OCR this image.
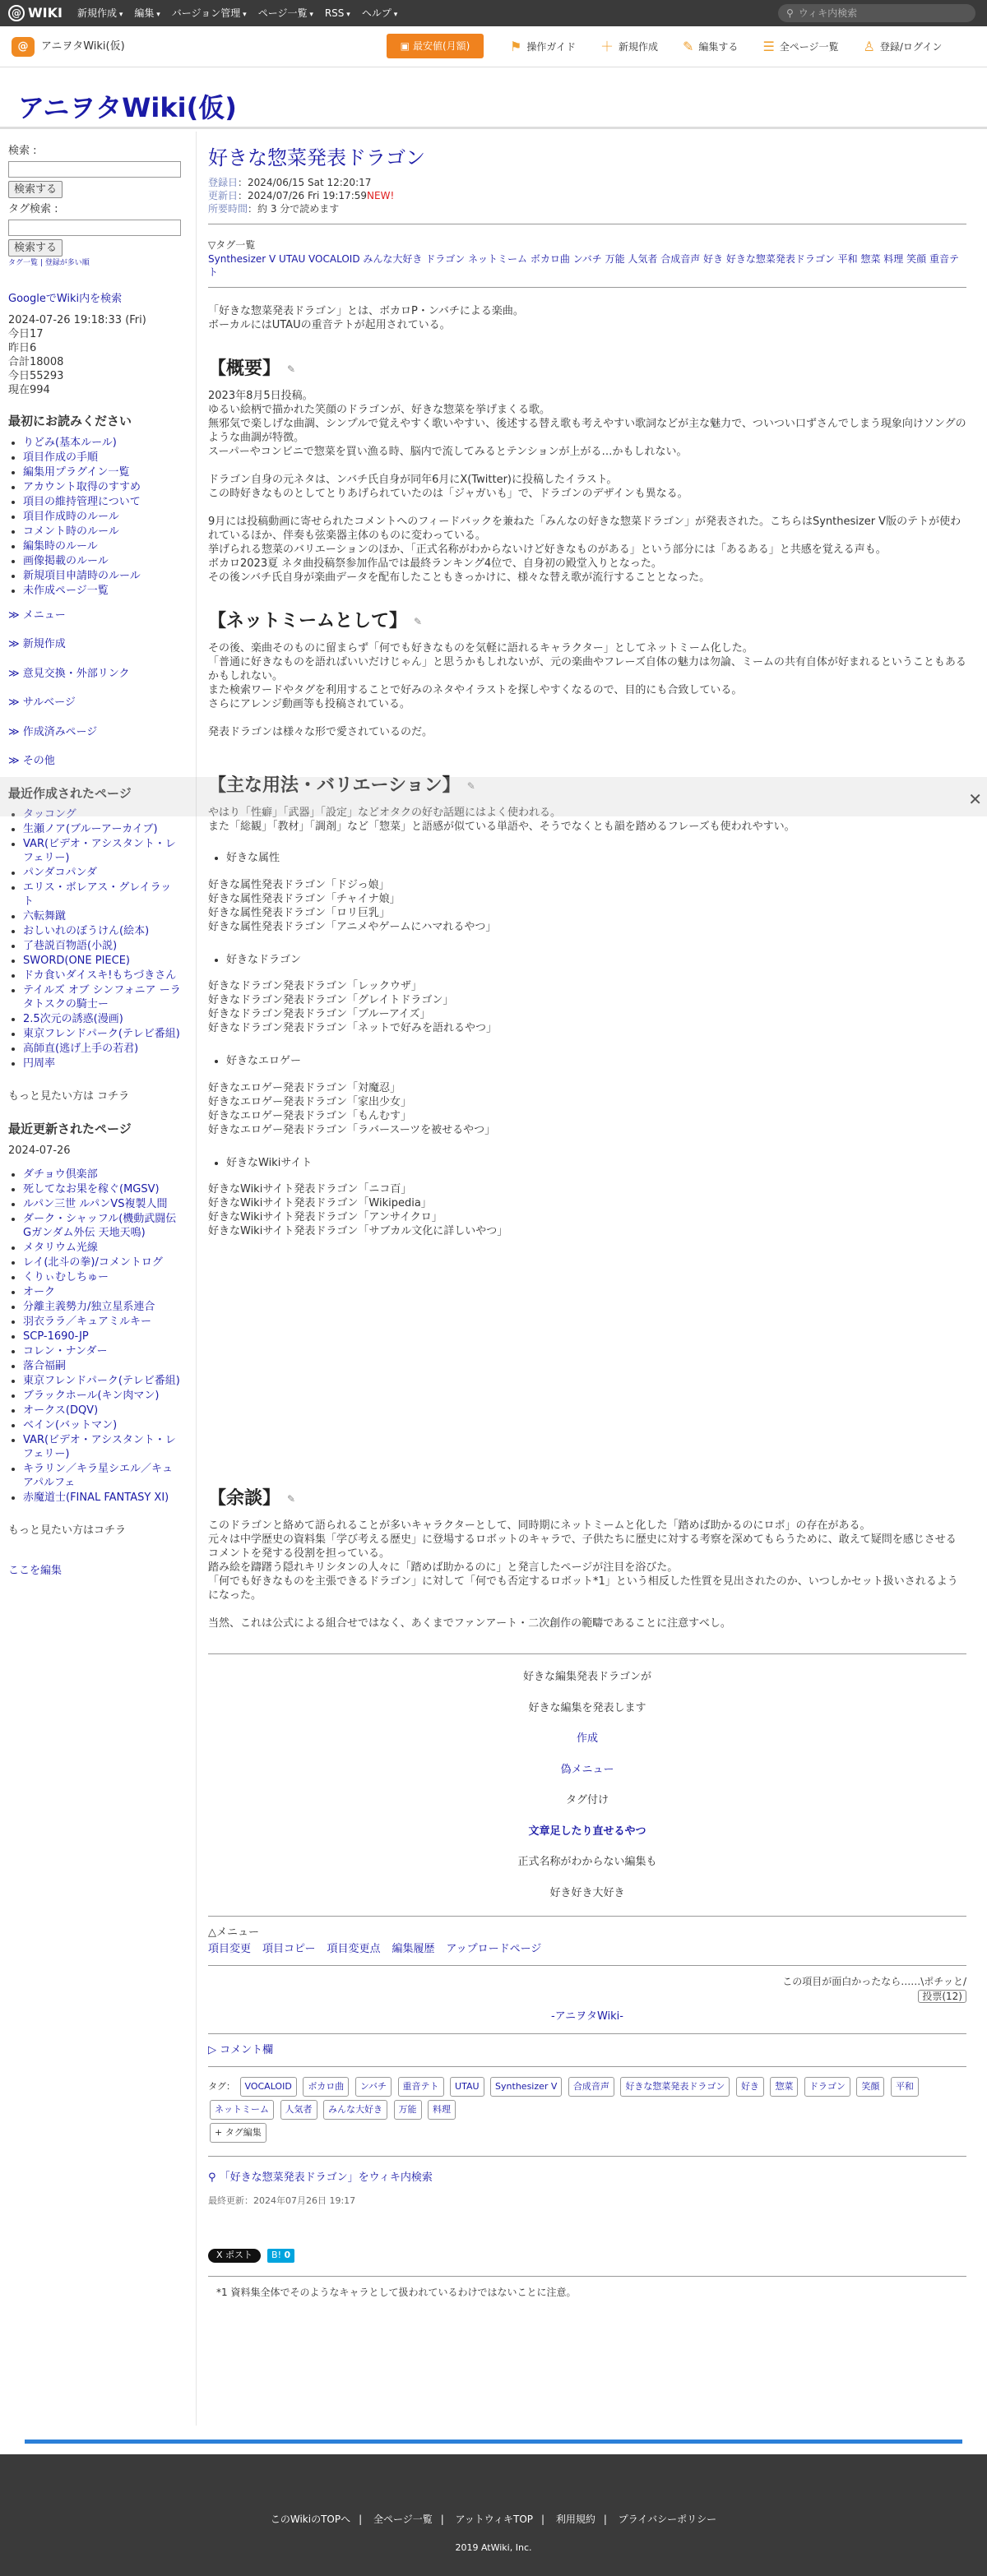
@ WIKI 新規作成 ▾	編集 ▾	バージョン管理 ▾	ページ一覧 ▾	RSS ▾	ヘルプ ▾	⚲ ウィキ内検索
@	アニヲタWiki(仮)	▣ 最安値(月額)	⚑ 操作ガイド ＋ 新規作成 ✎ 編集する ☰ 全ページ一覧 ♙ 登録/ログイン
アニヲタWiki(仮)
検索 :
検索する
タグ検索 :
検索する
タグ一覧 | 登録が多い順
GoogleでWiki内を検索
2024-07-26 19:18:33 (Fri)
今日17
昨日6
合計18008
今日55293
現在994
最初にお読みください
• りどみ(基本ルール)
• 項目作成の手順
• 編集用プラグイン一覧
• アカウント取得のすすめ
• 項目の維持管理について
• 項目作成時のルール
• コメント時のルール
• 編集時のルール
• 画像掲載のルール
• 新規項目申請時のルール
• 未作成ページ一覧
≫ メニュー
≫ 新規作成
≫ 意見交換・外部リンク
≫ サルベージ
≫ 作成済みページ
≫ その他
最近作成されたページ
• タッコング
• 生瀬ノア(ブルーアーカイブ)
• VAR(ビデオ・アシスタント・レフェリー)
• パンダコパンダ
• エリス・ボレアス・グレイラット
• 六転舞蹴
• おしいれのぼうけん(絵本)
• 了巷説百物語(小説)
• SWORD(ONE PIECE)
• ドカ食いダイスキ!もちづきさん
• テイルズ オブ シンフォニア ーラタトスクの騎士ー
• 2.5次元の誘惑(漫画)
• 東京フレンドパーク(テレビ番組)
• 高師直(逃げ上手の若君)
• 円周率
もっと見たい方は コチラ
最近更新されたページ
2024-07-26
• ダチョウ倶楽部
• 死してなお果を稼ぐ(MGSV)
• ルパン三世 ルパンVS複製人間
• ダーク・シャッフル(機動武闘伝Gガンダム外伝 天地天鳴)
• メタリウム光線
• レイ(北斗の拳)/コメントログ
• くりぃむしちゅー
• オーク
• 分離主義勢力/独立星系連合
• 羽衣ララ／キュアミルキー
• SCP-1690-JP
• コレン・ナンダー
• 落合福嗣
• 東京フレンドパーク(テレビ番組)
• ブラックホール(キン肉マン)
• オークス(DQV)
• ベイン(バットマン)
• VAR(ビデオ・アシスタント・レフェリー)
• キラリン／キラ星シエル／キュアパルフェ
• 赤魔道士(FINAL FANTASY XI)
もっと見たい方はコチラ
ここを編集
好きな惣菜発表ドラゴン
登録日：2024/06/15 Sat 12:20:17
更新日：2024/07/26 Fri 19:17:59NEW!
所要時間：約 3 分で読めます
▽タグ一覧
Synthesizer V UTAU VOCALOID みんな大好き ドラゴン ネットミーム ボカロ曲 ンバチ 万能 人気者 合成音声 好き 好きな惣菜発表ドラゴン 平和 惣菜 料理 笑顔 重音テト

「好きな惣菜発表ドラゴン」とは、ボカロP・ンバチによる楽曲。

ボーカルにはUTAUの重音テトが起用されている。

【概要】 ✎

2023年8月5日投稿。

ゆるい絵柄で描かれた笑顔のドラゴンが、好きな惣菜を挙げまくる歌。

無邪気で楽しげな曲調、シンプルで覚えやすく歌いやすい、後述する替え歌も考えやすい歌詞などが主な魅力で、ついつい口ずさんでしまう現象向けソングのような曲調が特徴。

スーパーやコンビニで惣菜を買い漁る時、脳内で流してみるとテンションが上がる…かもしれない。

ドラゴン自身の元ネタは、ンバチ氏自身が同年6月にX(Twitter)に投稿したイラスト。

この時好きなものとしてとりあげられていたのは「ジャガいも」で、ドラゴンのデザインも異なる。

9月には投稿動画に寄せられたコメントへのフィードバックを兼ねた「みんなの好きな惣菜ドラゴン」が発表された。こちらはSynthesizer V版のテトが使われているほか、伴奏も弦楽器主体のものに変わっている。

挙げられる惣菜のバリエーションのほか、「正式名称がわからないけど好きなものがある」という部分には「あるある」と共感を覚える声も。

ボカロ2023夏 ネタ曲投稿祭参加作品では最終ランキング4位で、自身初の殿堂入りとなった。

その後ンバチ氏自身が楽曲データを配布したこともきっかけに、様々な替え歌が流行することとなった。

【ネットミームとして】 ✎

その後、楽曲そのものに留まらず「何でも好きなものを気軽に語れるキャラクター」としてネットミーム化した。

「普通に好きなものを語ればいいだけじゃん」と思うかもしれないが、元の楽曲やフレーズ自体の魅力は勿論、ミームの共有自体が好まれるということもあるかもしれない。

また検索ワードやタグを利用することで好みのネタやイラストを探しやすくなるので、目的にも合致している。

さらにアレンジ動画等も投稿されている。

発表ドラゴンは様々な形で愛されているのだ。

【主な用法・バリエーション】 ✎

やはり「性癖」「武器」「設定」などオタクの好む話題にはよく使われる。

また「総観」「教材」「調剤」など「惣菜」と語感が似ている単語や、そうでなくとも韻を踏めるフレーズも使われやすい。

• 好きな属性

好きな属性発表ドラゴン「ドジっ娘」

好きな属性発表ドラゴン「チャイナ娘」

好きな属性発表ドラゴン「ロリ巨乳」

好きな属性発表ドラゴン「アニメやゲームにハマれるやつ」

• 好きなドラゴン

好きなドラゴン発表ドラゴン「レックウザ」

好きなドラゴン発表ドラゴン「グレイトドラゴン」

好きなドラゴン発表ドラゴン「ブルーアイズ」

好きなドラゴン発表ドラゴン「ネットで好みを語れるやつ」

• 好きなエロゲー

好きなエロゲー発表ドラゴン「対魔忍」

好きなエロゲー発表ドラゴン「家出少女」

好きなエロゲー発表ドラゴン「もんむす」

好きなエロゲー発表ドラゴン「ラバースーツを被せるやつ」

• 好きなWikiサイト

好きなWikiサイト発表ドラゴン「ニコ百」

好きなWikiサイト発表ドラゴン「Wikipedia」

好きなWikiサイト発表ドラゴン「アンサイクロ」

好きなWikiサイト発表ドラゴン「サブカル文化に詳しいやつ」

【余談】 ✎

このドラゴンと絡めて語られることが多いキャラクターとして、同時期にネットミームと化した「踏めば助かるのにロボ」の存在がある。

元々は中学歴史の資料集「学び考える歴史」に登場するロボットのキャラで、子供たちに歴史に対する考察を深めてもらうために、敢えて疑問を感じさせるコメントを発する役割を担っている。

踏み絵を躊躇う隠れキリシタンの人々に「踏めば助かるのに」と発言したページが注目を浴びた。

「何でも好きなものを主張できるドラゴン」に対して「何でも否定するロボット*1」という相反した性質を見出されたのか、いつしかセット扱いされるようになった。

当然、これは公式による組合せではなく、あくまでファンアート・二次創作の範疇であることに注意すべし。

好きな編集発表ドラゴンが

好きな編集を発表します

作成

偽メニュー

タグ付け

文章足したり直せるやつ

正式名称がわからない編集も

好き好き大好き

△メニュー
項目変更 項目コピー 項目変更点 編集履歴 アップロードページ
この項目が面白かったなら……\ポチッと/
投票(12)
-アニヲタWiki-
▷ コメント欄
タグ： VOCALOID ボカロ曲 ンバチ 重音テト UTAU Synthesizer V 合成音声 好きな惣菜発表ドラゴン 好き 惣菜 ドラゴン 笑顔 平和 ネットミーム 人気者 みんな大好き 万能 料理
+ タグ編集
⚲ 「好きな惣菜発表ドラゴン」をウィキ内検索
最終更新：2024年07月26日 19:17
X ポスト	B! 0
*1 資料集全体でそのようなキャラとして扱われているわけではないことに注意。
✕
このWikiのTOPへ | 全ページ一覧 | アットウィキTOP | 利用規約 | プライバシーポリシー
2019 AtWiki, Inc.
